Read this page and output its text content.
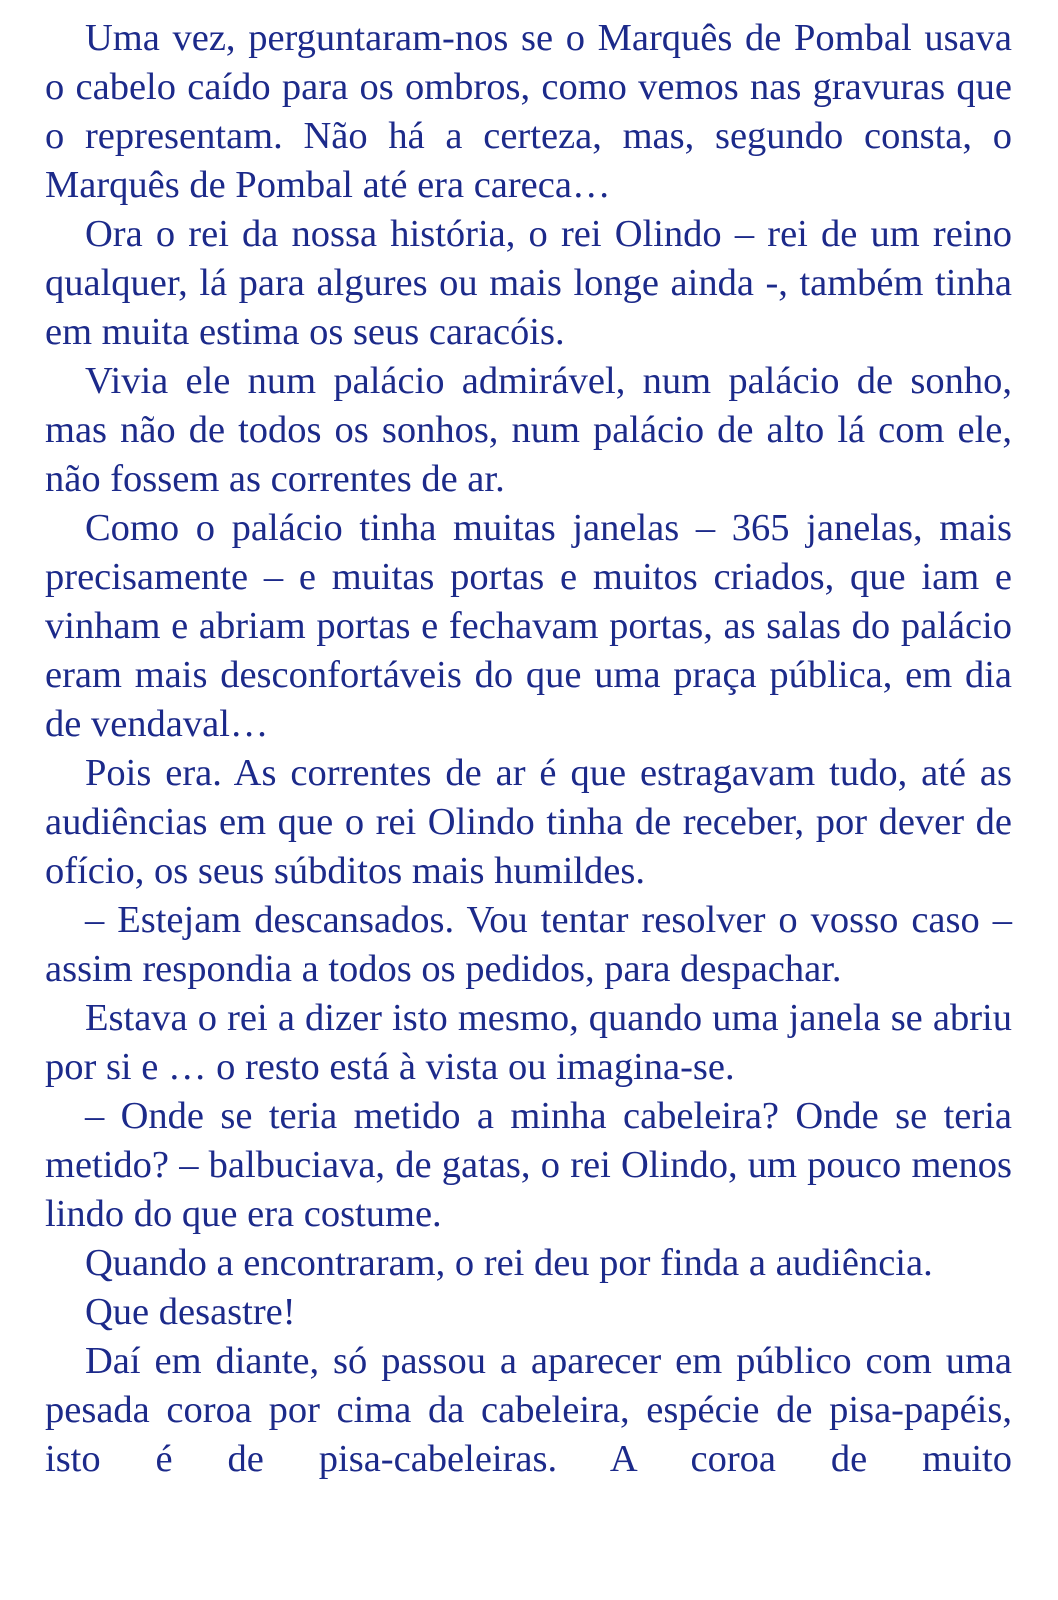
Uma vez, perguntaram-nos se o Marquês de Pombal usava o cabelo caído para os ombros, como vemos nas gravuras que o representam. Não há a certeza, mas, segundo consta, o Marquês de Pombal até era careca…

Ora o rei da nossa história, o rei Olindo – rei de um reino qualquer, lá para algures ou mais longe ainda -, também tinha em muita estima os seus caracóis.

Vivia ele num palácio admirável, num palácio de sonho, mas não de todos os sonhos, num palácio de alto lá com ele, não fossem as correntes de ar.

Como o palácio tinha muitas janelas – 365 janelas, mais precisamente – e muitas portas e muitos criados, que iam e vinham e abriam portas e fechavam portas, as salas do palácio eram mais desconfortáveis do que uma praça pública, em dia de vendaval…

Pois era. As correntes de ar é que estragavam tudo, até as audiências em que o rei Olindo tinha de receber, por dever de ofício, os seus súbditos mais humildes.

– Estejam descansados. Vou tentar resolver o vosso caso – assim respondia a todos os pedidos, para despachar.

Estava o rei a dizer isto mesmo, quando uma janela se abriu por si e … o resto está à vista ou imagina-se.

– Onde se teria metido a minha cabeleira? Onde se teria metido? – balbuciava, de gatas, o rei Olindo, um pouco menos lindo do que era costume.

Quando a encontraram, o rei deu por finda a audiência.

Que desastre!

Daí em diante, só passou a aparecer em público com uma pesada coroa por cima da cabeleira, espécie de pisa-papéis, isto é de pisa-cabeleiras. A coroa de muito
